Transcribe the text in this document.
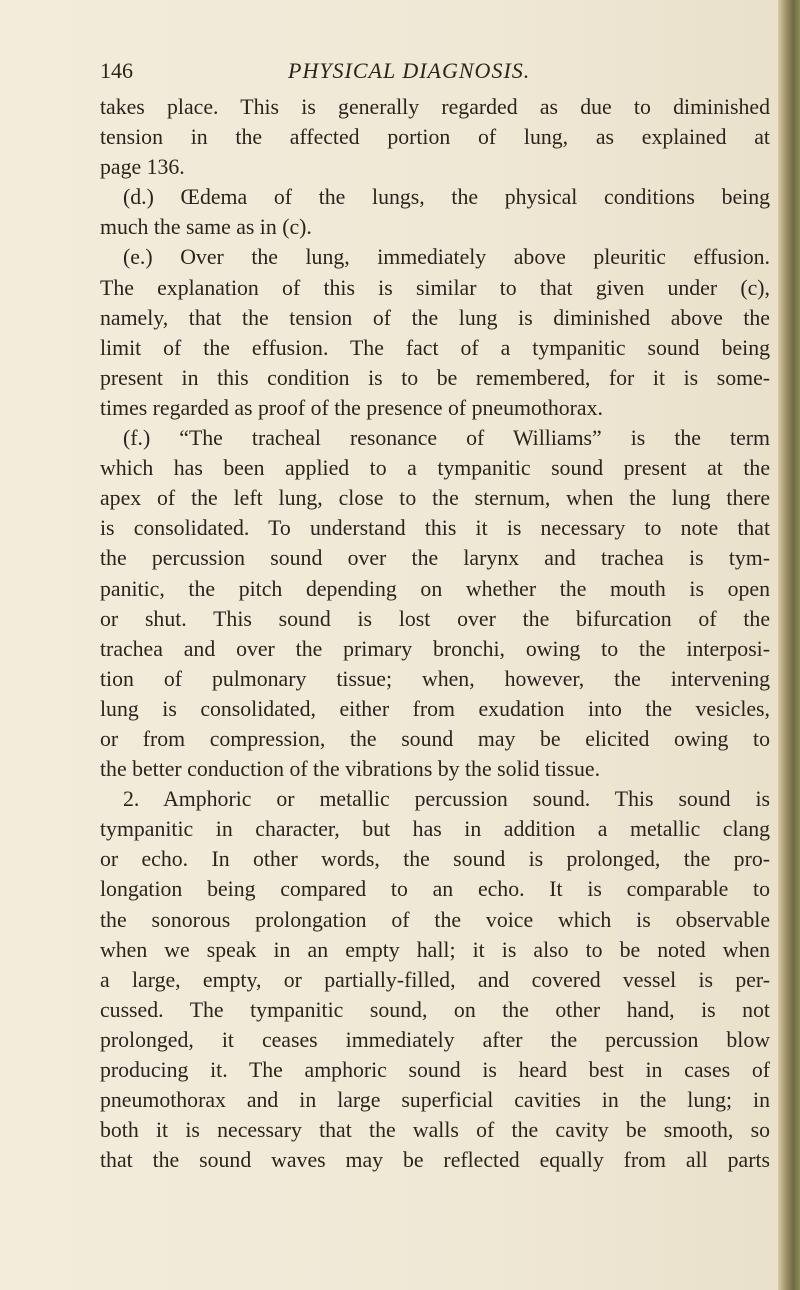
146	PHYSICAL DIAGNOSIS.
takes place. This is generally regarded as due to diminished
tension in the affected portion of lung, as explained at
page 136.
(d.) Œdema of the lungs, the physical conditions being
much the same as in (c).
(e.) Over the lung, immediately above pleuritic effusion.
The explanation of this is similar to that given under (c),
namely, that the tension of the lung is diminished above the
limit of the effusion. The fact of a tympanitic sound being
present in this condition is to be remembered, for it is some-
times regarded as proof of the presence of pneumothorax.
(f.) “The tracheal resonance of Williams” is the term
which has been applied to a tympanitic sound present at the
apex of the left lung, close to the sternum, when the lung there
is consolidated. To understand this it is necessary to note that
the percussion sound over the larynx and trachea is tym-
panitic, the pitch depending on whether the mouth is open
or shut. This sound is lost over the bifurcation of the
trachea and over the primary bronchi, owing to the interposi-
tion of pulmonary tissue; when, however, the intervening
lung is consolidated, either from exudation into the vesicles,
or from compression, the sound may be elicited owing to
the better conduction of the vibrations by the solid tissue.
2. Amphoric or metallic percussion sound. This sound is
tympanitic in character, but has in addition a metallic clang
or echo. In other words, the sound is prolonged, the pro-
longation being compared to an echo. It is comparable to
the sonorous prolongation of the voice which is observable
when we speak in an empty hall; it is also to be noted when
a large, empty, or partially-filled, and covered vessel is per-
cussed. The tympanitic sound, on the other hand, is not
prolonged, it ceases immediately after the percussion blow
producing it. The amphoric sound is heard best in cases of
pneumothorax and in large superficial cavities in the lung; in
both it is necessary that the walls of the cavity be smooth, so
that the sound waves may be reflected equally from all parts
